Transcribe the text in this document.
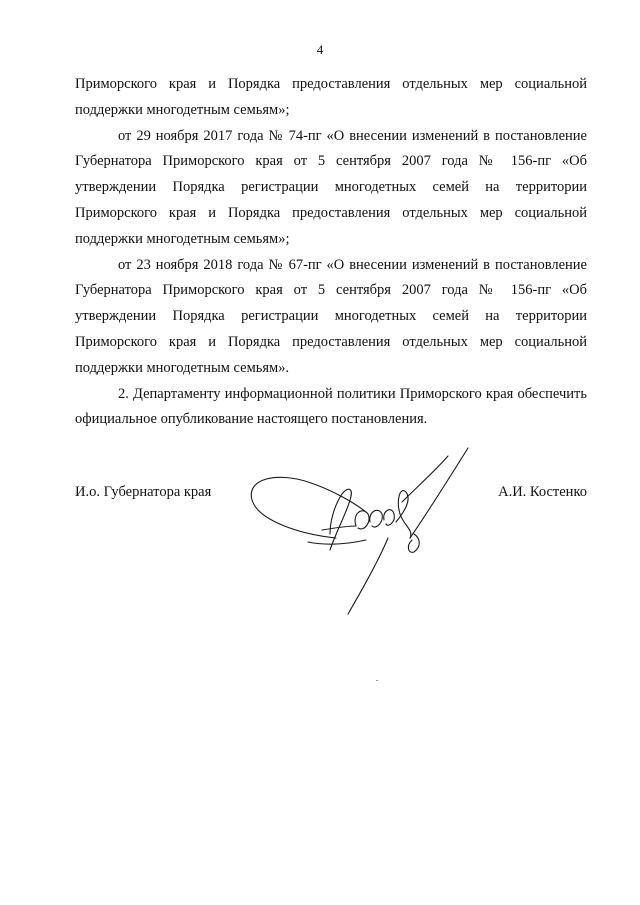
4

Приморского края и Порядка предоставления отдельных мер социальной поддержки многодетным семьям»;

от 29 ноября 2017 года № 74-пг «О внесении изменений в постановление Губернатора Приморского края от 5 сентября 2007 года № 156-пг «Об утверждении Порядка регистрации многодетных семей на территории Приморского края и Порядка предоставления отдельных мер социальной поддержки многодетным семьям»;

от 23 ноября 2018 года № 67-пг «О внесении изменений в постановление Губернатора Приморского края от 5 сентября 2007 года № 156-пг «Об утверждении Порядка регистрации многодетных семей на территории Приморского края и Порядка предоставления отдельных мер социальной поддержки многодетным семьям».

2. Департаменту информационной политики Приморского края обеспечить официальное опубликование настоящего постановления.

И.о. Губернатора края	А.И. Костенко
